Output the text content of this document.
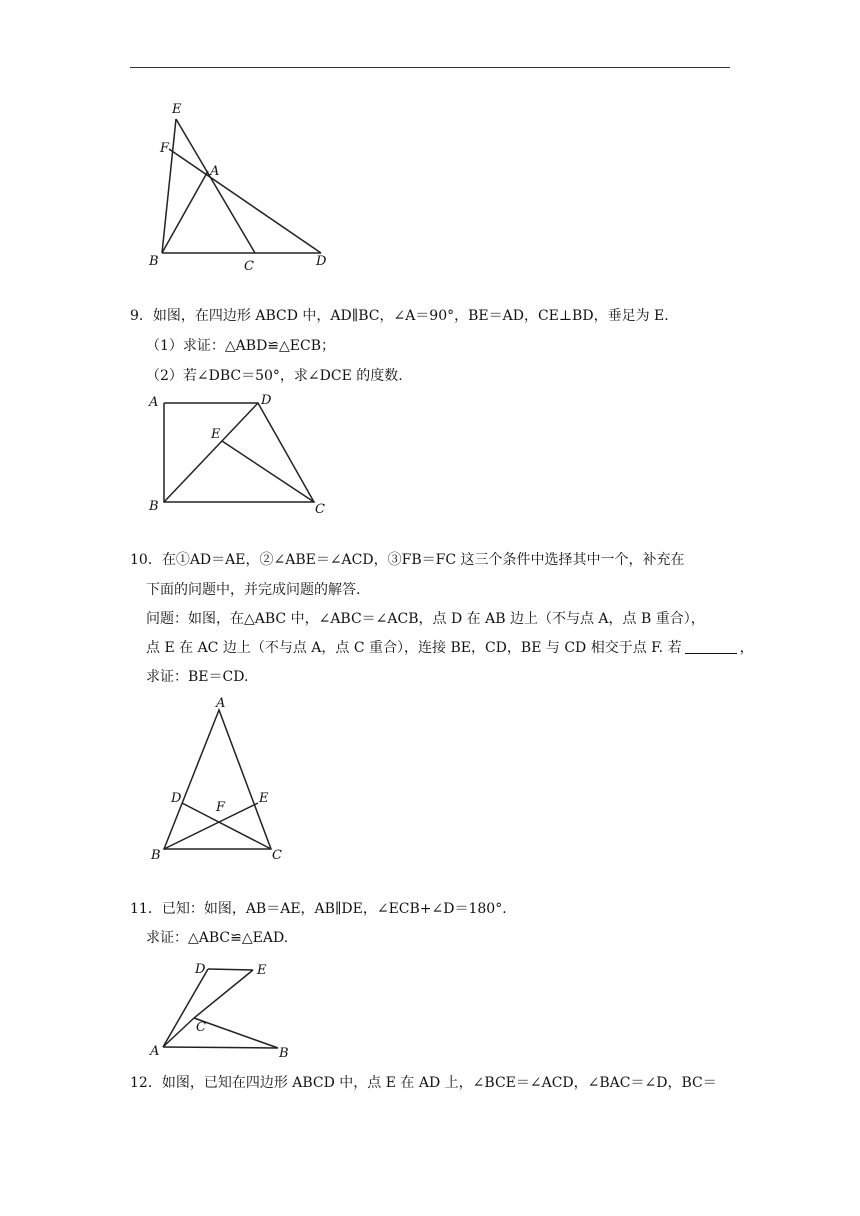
E
F
A
B	C	D
9．如图，在四边形 ABCD 中，AD∥BC，∠A＝90°，BE＝AD，CE⊥BD，垂足为 E.
（1）求证：△ABD≌△ECB；
（2）若∠DBC＝50°，求∠DCE 的度数.
A	D
E
B	C
10．在①AD＝AE，②∠ABE＝∠ACD，③FB＝FC 这三个条件中选择其中一个，补充在
下面的问题中，并完成问题的解答.
问题：如图，在△ABC 中，∠ABC＝∠ACB，点 D 在 AB 边上（不与点 A，点 B 重合），
点 E 在 AC 边上（不与点 A，点 C 重合），连接 BE，CD，BE 与 CD 相交于点 F. 若	，
求证：BE＝CD.
A
D	E
F
B	C
11．已知：如图，AB＝AE，AB∥DE，∠ECB+∠D＝180°.
求证：△ABC≌△EAD.
D	E
C
A	B
12．如图，已知在四边形 ABCD 中，点 E 在 AD 上，∠BCE＝∠ACD，∠BAC＝∠D，BC＝
